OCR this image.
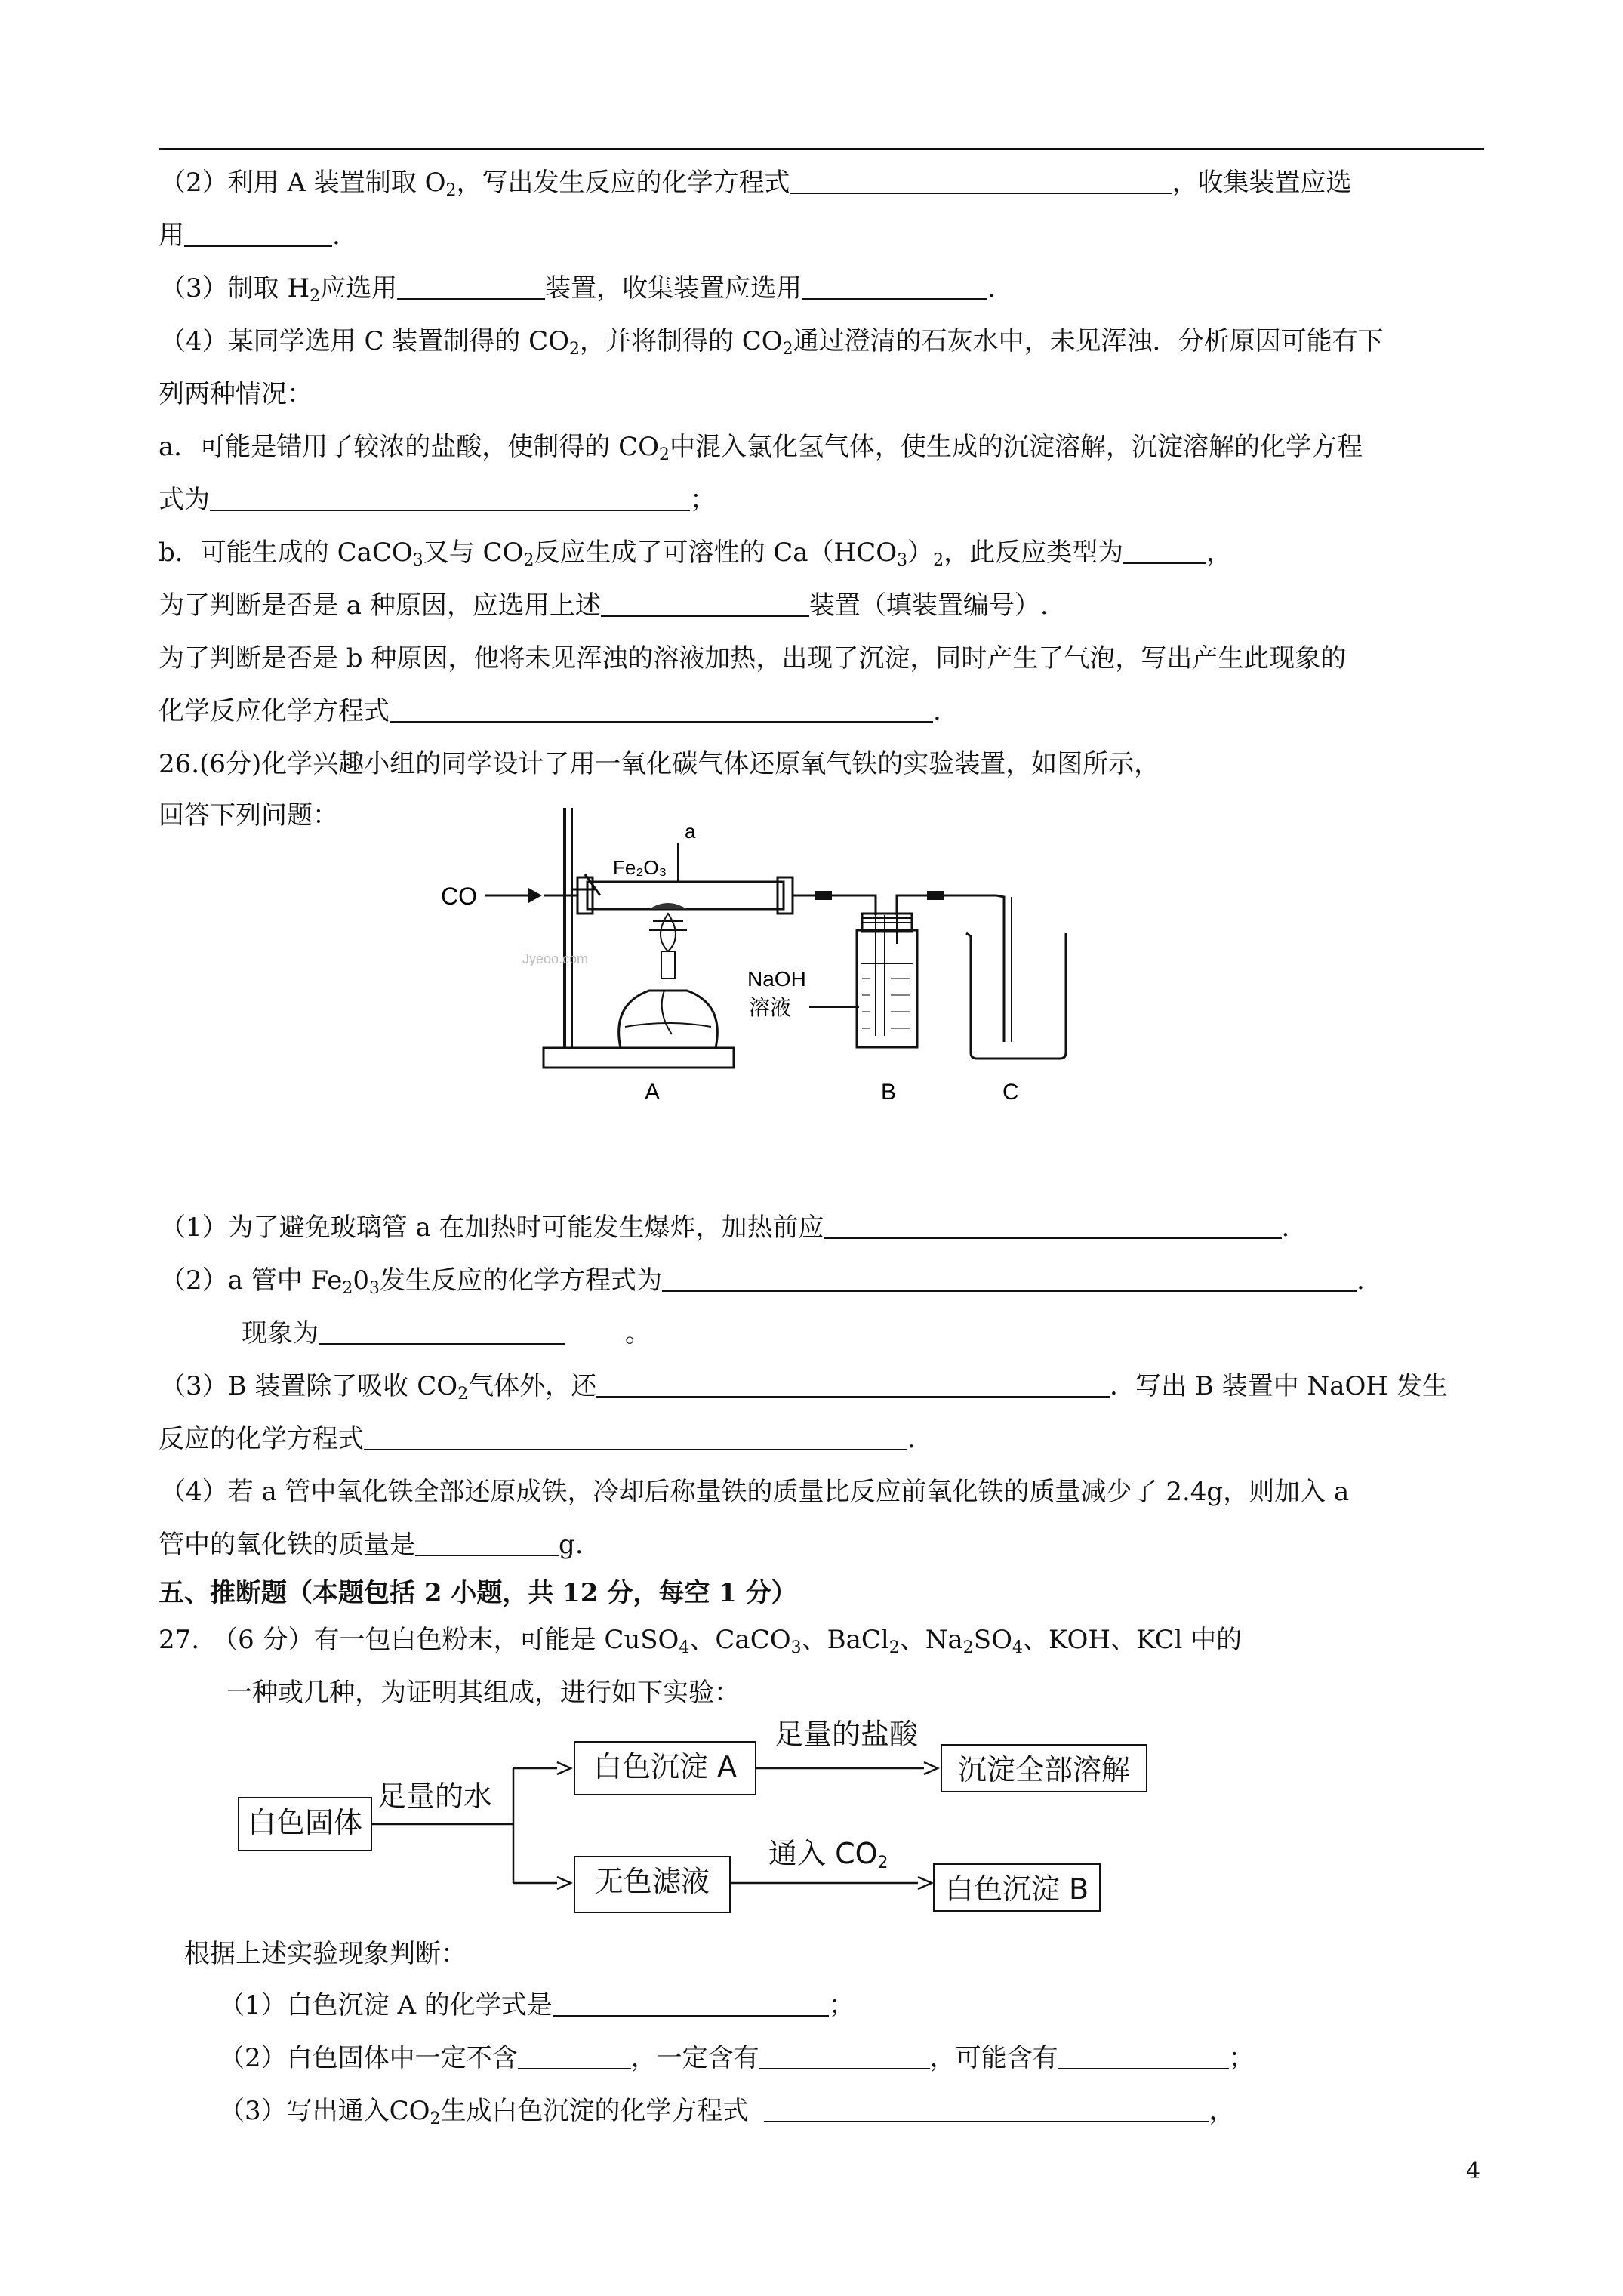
（2）利用 A 装置制取 $O_2$，写出发生反应的化学方程式	，收集装置应选
用	.
（3）制取 $H_2$应选用	装置，收集装置应选用	.
（4）某同学选用 C 装置制得的 $CO_2$，并将制得的 $CO_2$通过澄清的石灰水中，未见浑浊．分析原因可能有下
列两种情况：
a．可能是错用了较浓的盐酸，使制得的 $CO_2$中混入氯化氢气体，使生成的沉淀溶解，沉淀溶解的化学方程
式为	；
b．可能生成的 CaCO$_3$又与 $CO_2$反应生成了可溶性的 $Ca(HCO_3)_2$，此反应类型为	，
为了判断是否是 a 种原因，应选用上述	装置（填装置编号）.
为了判断是否是 b 种原因，他将未见浑浊的溶液加热，出现了沉淀，同时产生了气泡，写出产生此现象的
化学反应化学方程式	.
26.(6分)化学兴趣小组的同学设计了用一氧化碳气体还原氧气铁的实验装置，如图所示，
回答下列问题：
CO
Fe₂O₃
a
Jyeoo.com
NaOH
溶液
A	B	C
（1）为了避免玻璃管 a 在加热时可能发生爆炸，加热前应	.
（2）a 管中 $Fe_20_3$发生反应的化学方程式为	.
现象为	。
（3）B 装置除了吸收 $CO_2$气体外，还	．写出 B 装置中 NaOH 发生
反应的化学方程式	.
（4）若 a 管中氧化铁全部还原成铁，冷却后称量铁的质量比反应前氧化铁的质量减少了 2.4g，则加入 a
管中的氧化铁的质量是	g.
五、推断题（本题包括 2 小题，共 12 分，每空 1 分）
27.　（6 分）有一包白色粉末，可能是 CuSO$_4$、CaCO$_3$、BaCl$_2$、$Na_2SO_4$、KOH、KCl 中的
一种或几种，为证明其组成，进行如下实验：
白色固体
足量的水
白色沉淀 A
足量的盐酸
沉淀全部溶解
无色滤液
通入 $CO_2$
白色沉淀 B
根据上述实验现象判断：
（1）白色沉淀 A 的化学式是	；
（2）白色固体中一定不含	，一定含有	，可能含有	；
（3）写出通入$CO_2$生成白色沉淀的化学方程式	，
4
